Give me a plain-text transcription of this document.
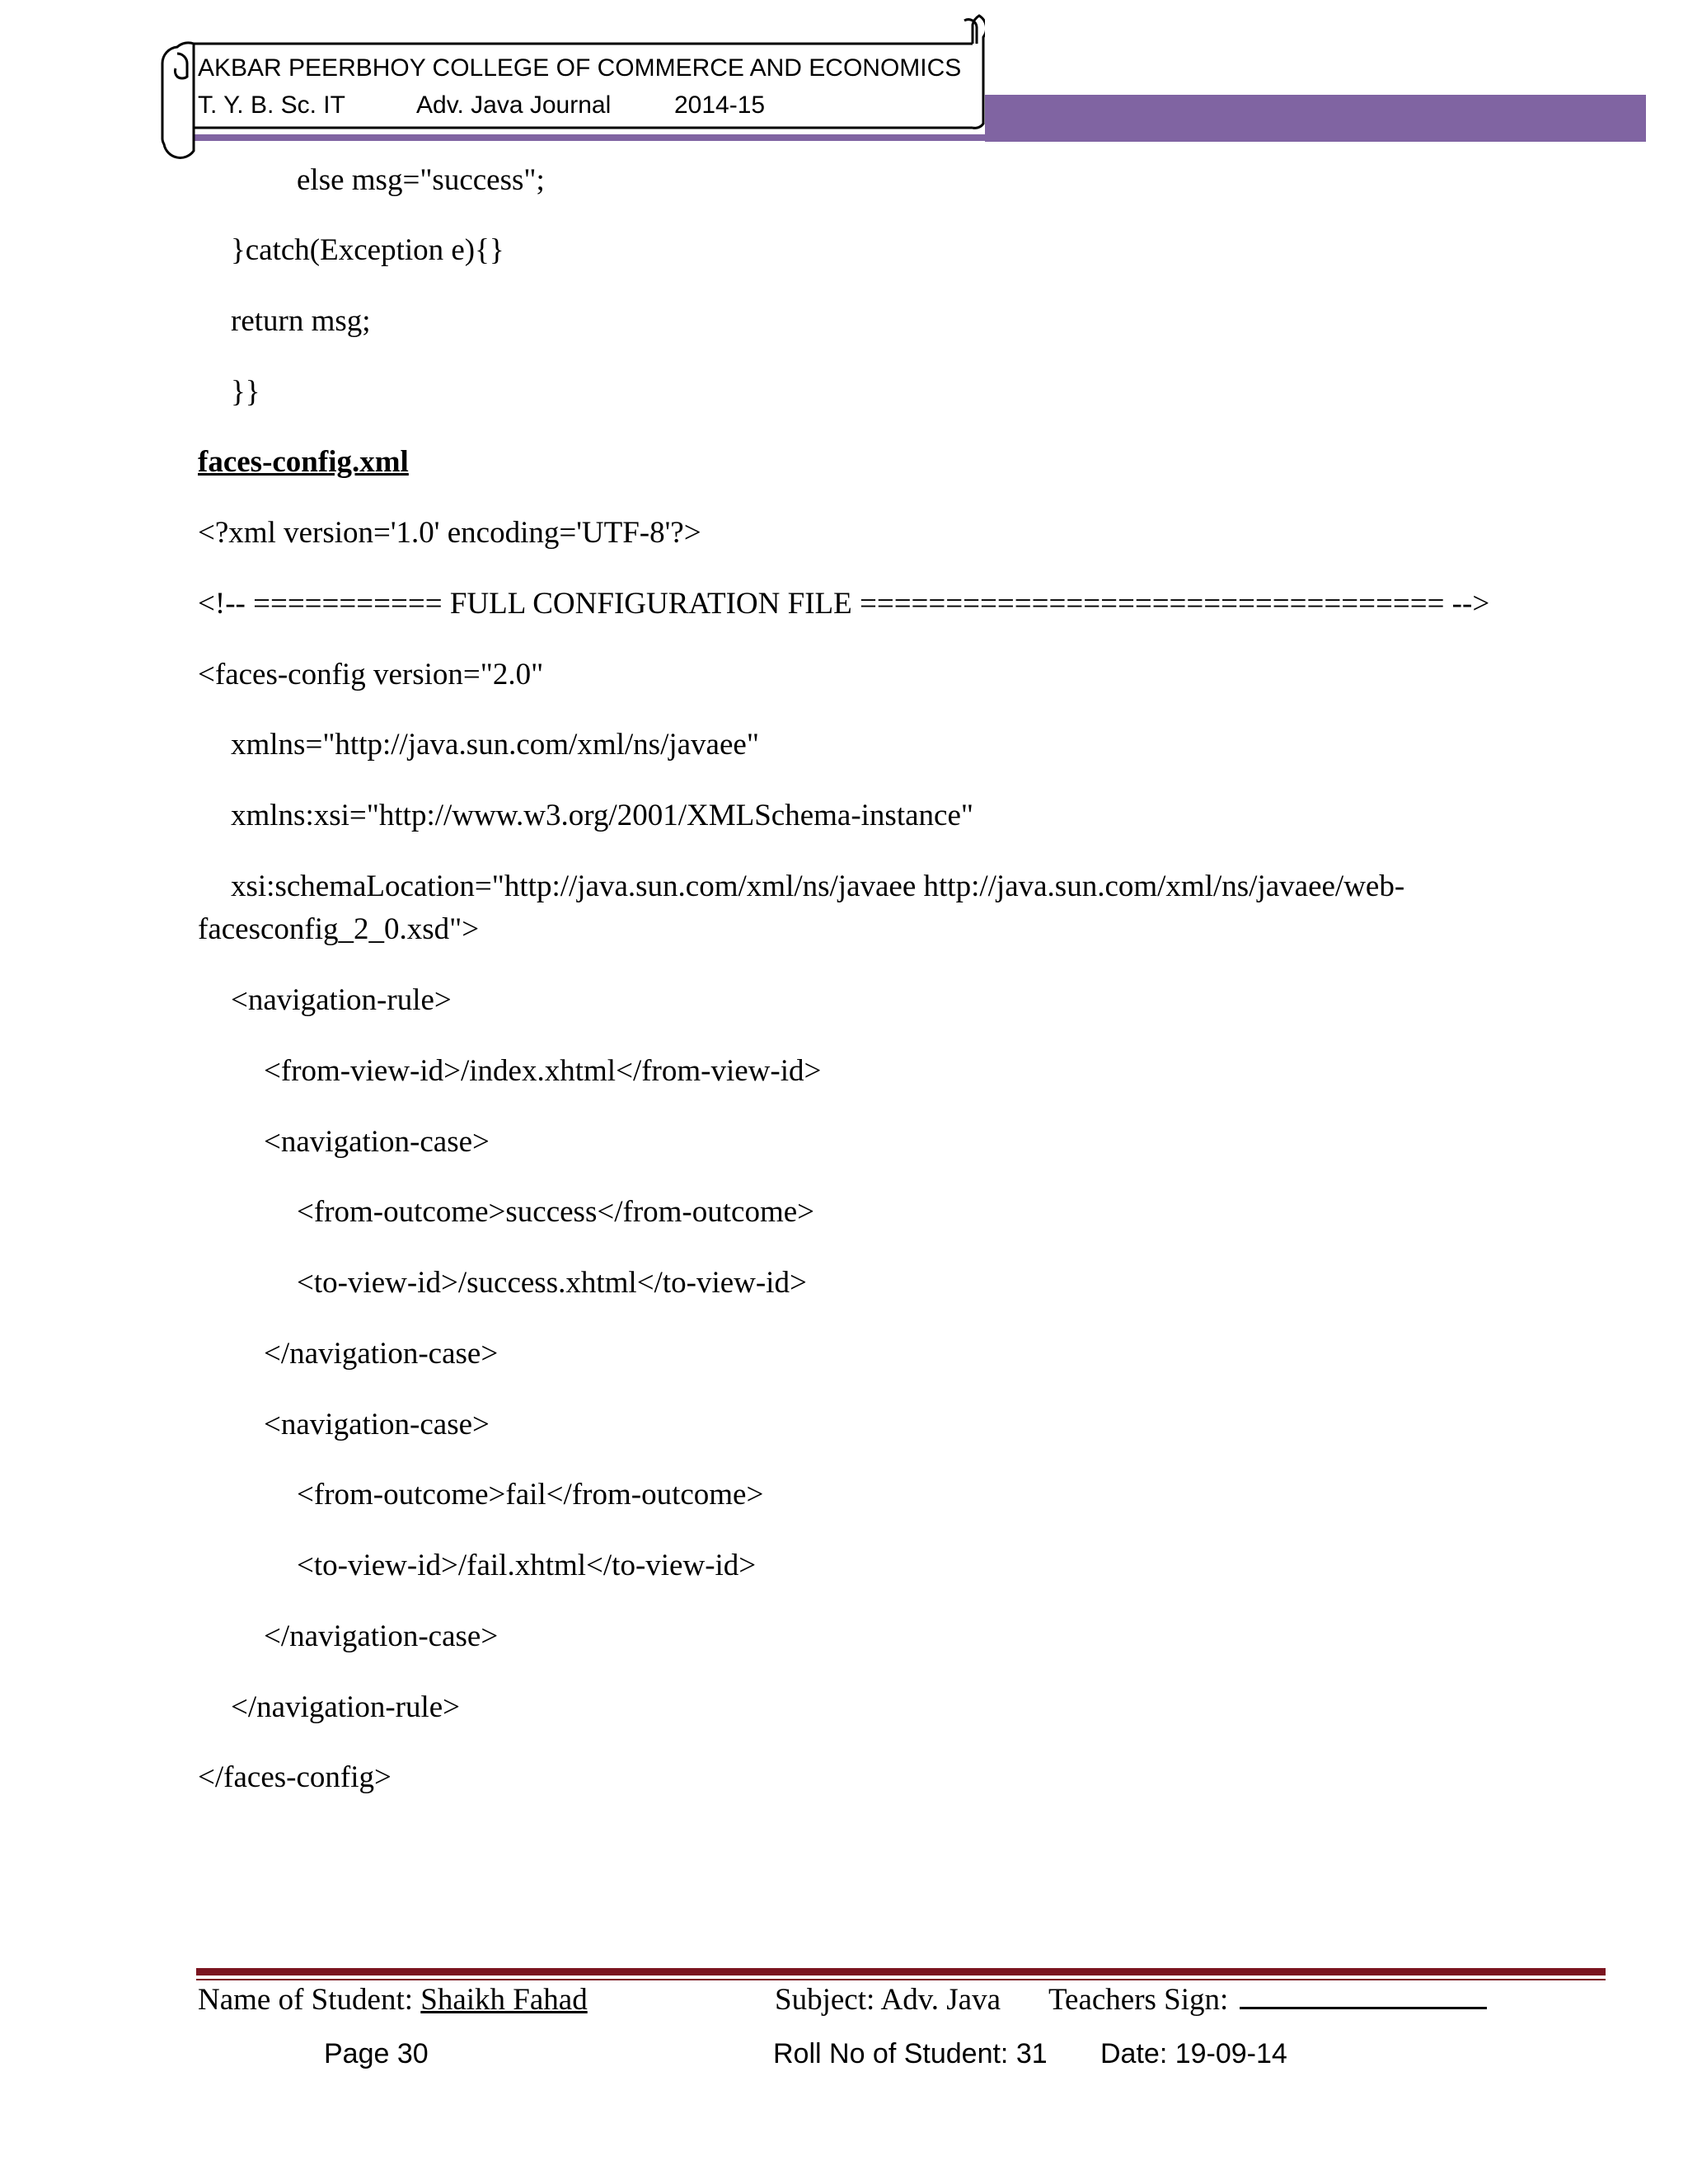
AKBAR PEERBHOY COLLEGE OF COMMERCE AND ECONOMICS
T. Y. B. Sc. IT	Adv. Java Journal	2014-15
else msg="success";
}catch(Exception e){}
return msg;
}}
faces-config.xml
<?xml version='1.0' encoding='UTF-8'?>
<!-- =========== FULL CONFIGURATION FILE ================================== -->
<faces-config version="2.0"
xmlns="http://java.sun.com/xml/ns/javaee"
xmlns:xsi="http://www.w3.org/2001/XMLSchema-instance"
xsi:schemaLocation="http://java.sun.com/xml/ns/javaee http://java.sun.com/xml/ns/javaee/web-
facesconfig_2_0.xsd">
<navigation-rule>
<from-view-id>/index.xhtml</from-view-id>
<navigation-case>
<from-outcome>success</from-outcome>
<to-view-id>/success.xhtml</to-view-id>
</navigation-case>
<navigation-case>
<from-outcome>fail</from-outcome>
<to-view-id>/fail.xhtml</to-view-id>
</navigation-case>
</navigation-rule>
</faces-config>
Name of Student: Shaikh Fahad	Subject: Adv. Java Teachers Sign:
Page 30	Roll No of Student: 31 Date: 19-09-14
